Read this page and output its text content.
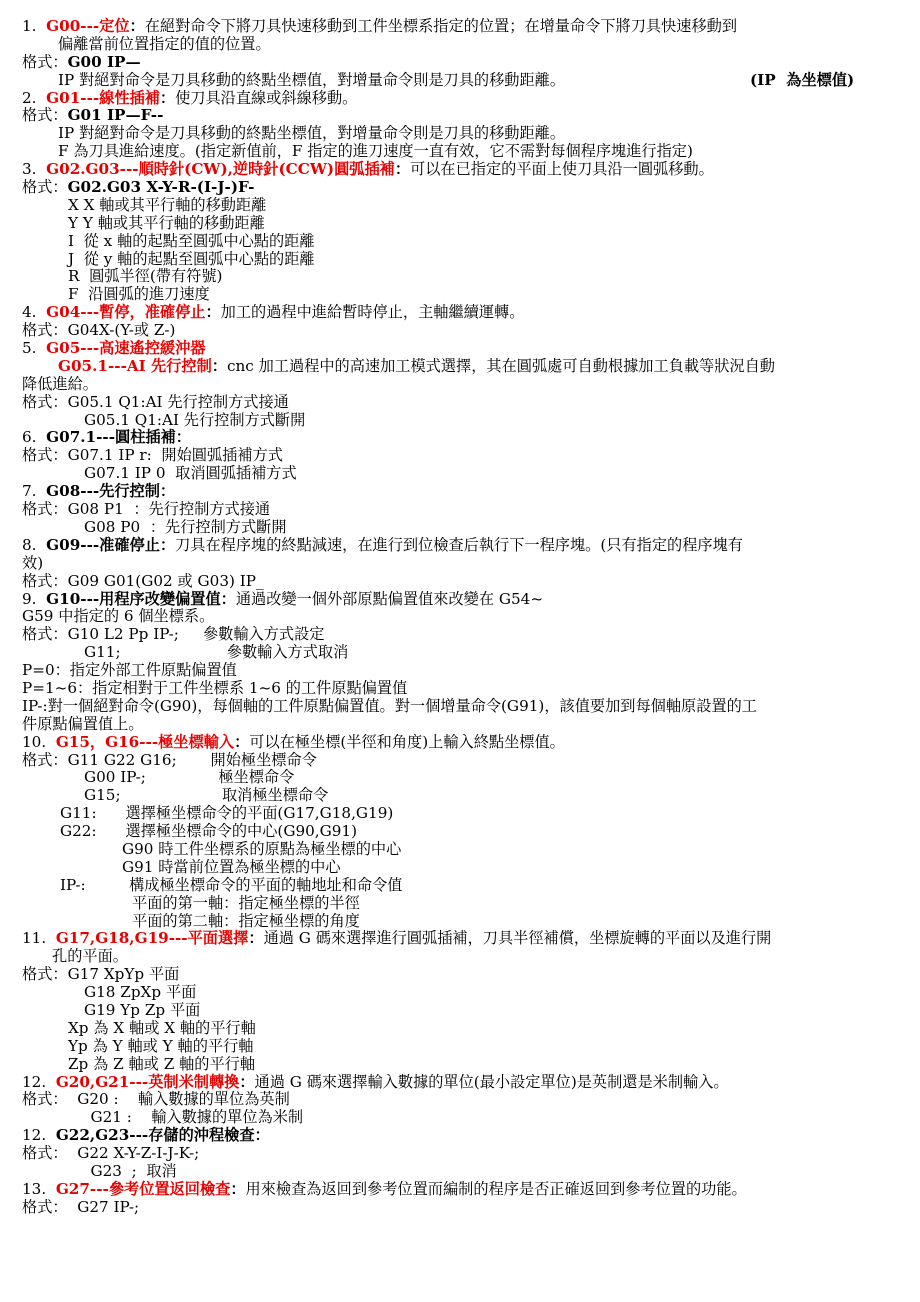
1. G00---定位：在絕對命令下將刀具快速移動到工件坐標系指定的位置；在增量命令下將刀具快速移動到
偏離當前位置指定的值的位置。
格式：G00 IP—
IP 對絕對命令是刀具移動的終點坐標值，對增量命令則是刀具的移動距離。	(IP  為坐標值)
2. G01---線性插補：使刀具沿直線或斜線移動。
格式：G01 IP—F--
IP 對絕對命令是刀具移動的終點坐標值，對增量命令則是刀具的移動距離。
F 為刀具進給速度。(指定新值前，F 指定的進刀速度一直有效，它不需對每個程序塊進行指定)
3. G02.G03---順時針(CW),逆時針(CCW)圓弧插補：可以在已指定的平面上使刀具沿一圓弧移動。
格式：G02.G03 X-Y-R-(I-J-)F-
X X 軸或其平行軸的移動距離
Y Y 軸或其平行軸的移動距離
I  從 x 軸的起點至圓弧中心點的距離
J  從 y 軸的起點至圓弧中心點的距離
R  圓弧半徑(帶有符號)
F  沿圓弧的進刀速度
4. G04---暫停，准確停止：加工的過程中進給暫時停止，主軸繼續運轉。
格式：G04X-(Y-或 Z-)
5. G05---高速遙控緩沖器
G05.1---AI 先行控制：cnc 加工過程中的高速加工模式選擇，其在圓弧處可自動根據加工負載等狀況自動
降低進給。
格式：G05.1 Q1:AI 先行控制方式接通
G05.1 Q1:AI 先行控制方式斷開
6. G07.1---圓柱插補：
格式：G07.1 IP r:  開始圓弧插補方式
G07.1 IP 0  取消圓弧插補方式
7. G08---先行控制：
格式：G08 P1  ：先行控制方式接通
G08 P0  ：先行控制方式斷開
8. G09---准確停止：刀具在程序塊的終點減速，在進行到位檢查后執行下一程序塊。(只有指定的程序塊有
效)
格式：G09 G01(G02 或 G03) IP_
9. G10---用程序改變偏置值：通過改變一個外部原點偏置值來改變在 G54~
G59 中指定的 6 個坐標系。
格式：G10 L2 Pp IP-;     參數輸入方式設定
G11;                      參數輸入方式取消
P=0：指定外部工件原點偏置值
P=1~6：指定相對于工件坐標系 1~6 的工件原點偏置值
IP-:對一個絕對命令(G90)，每個軸的工件原點偏置值。對一個增量命令(G91)，該值要加到每個軸原設置的工
件原點偏置值上。
10. G15，G16---極坐標輸入：可以在極坐標(半徑和角度)上輸入終點坐標值。
格式：G11 G22 G16;       開始極坐標命令
G00 IP-;               極坐標命令
G15;                     取消極坐標命令
G11:      選擇極坐標命令的平面(G17,G18,G19)
G22:      選擇極坐標命令的中心(G90,G91)
G90 時工件坐標系的原點為極坐標的中心
G91 時當前位置為極坐標的中心
IP-:         構成極坐標命令的平面的軸地址和命令值
平面的第一軸：指定極坐標的半徑
平面的第二軸：指定極坐標的角度
11. G17,G18,G19---平面選擇：通過 G 碼來選擇進行圓弧插補，刀具半徑補償，坐標旋轉的平面以及進行開
孔的平面。
格式：G17 XpYp 平面
G18 ZpXp 平面
G19 Yp Zp 平面
Xp 為 X 軸或 X 軸的平行軸
Yp 為 Y 軸或 Y 軸的平行軸
Zp 為 Z 軸或 Z 軸的平行軸
12. G20,G21---英制米制轉換：通過 G 碼來選擇輸入數據的單位(最小設定單位)是英制還是米制輸入。
格式：  G20 :    輸入數據的單位為英制
G21 :    輸入數據的單位為米制
12. G22,G23---存儲的沖程檢查：
格式：  G22 X-Y-Z-I-J-K-;
G23  ;  取消
13. G27---參考位置返回檢查：用來檢查為返回到參考位置而編制的程序是否正確返回到參考位置的功能。
格式：  G27 IP-;
